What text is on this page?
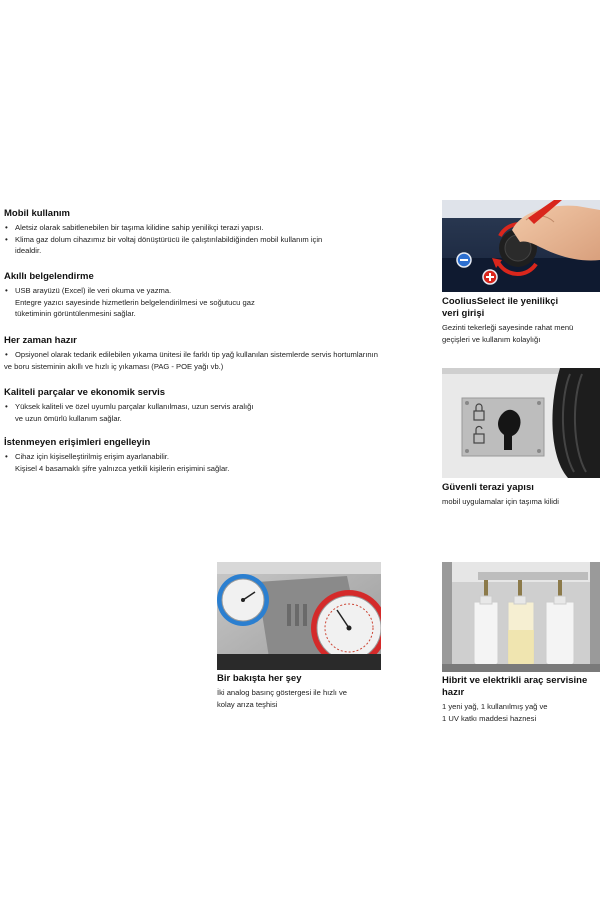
Mobil kullanım
• Aletsiz olarak sabitlenebilen bir taşıma kilidine sahip yenilikçi terazi yapısı.
• Klima gaz dolum cihazımız bir voltaj dönüştürücü ile çalıştırılabildiğinden mobil kullanım için
idealdir.
Akıllı belgelendirme
• USB arayüzü (Excel) ile veri okuma ve yazma.
Entegre yazıcı sayesinde hizmetlerin belgelendirilmesi ve soğutucu gaz
tüketiminin görüntülenmesini sağlar.
Her zaman hazır
• Opsiyonel olarak tedarik edilebilen yıkama ünitesi ile farklı tip yağ kullanılan sistemlerde servis hortumlarının
ve boru sisteminin akıllı ve hızlı iç yıkaması (PAG - POE yağı vb.)
Kaliteli parçalar ve ekonomik servis
• Yüksek kaliteli ve özel uyumlu parçalar kullanılması, uzun servis aralığı
ve uzun ömürlü kullanım sağlar.
İstenmeyen erişimleri engelleyin
• Cihaz için kişiselleştirilmiş erişim ayarlanabilir.
Kişisel 4 basamaklı şifre yalnızca yetkili kişilerin erişimini sağlar.
CooliusSelect ile yenilikçi
veri girişi
Gezinti tekerleği sayesinde rahat menü
geçişleri ve kullanım kolaylığı
Güvenli terazi yapısı
mobil uygulamalar için taşıma kilidi
Bir bakışta her şey
İki analog basınç göstergesi ile hızlı ve
kolay arıza teşhisi
Hibrit ve elektrikli araç servisine
hazır
1 yeni yağ, 1 kullanılmış yağ ve
1 UV katkı maddesi haznesi
